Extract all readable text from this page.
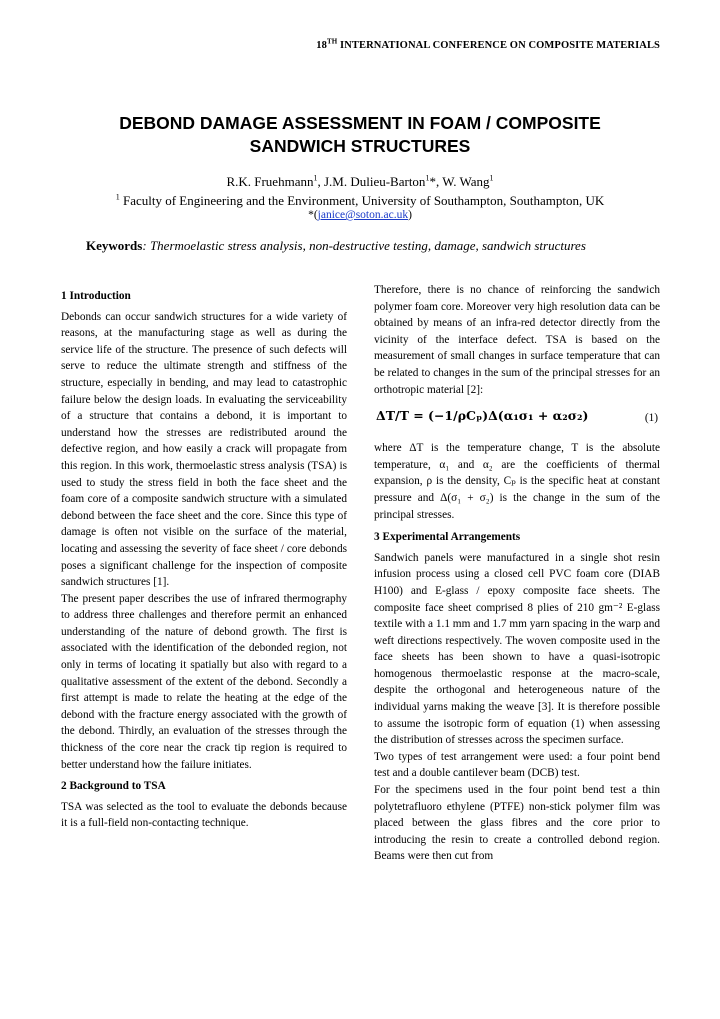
18TH INTERNATIONAL CONFERENCE ON COMPOSITE MATERIALS
DEBOND DAMAGE ASSESSMENT IN FOAM / COMPOSITE
SANDWICH STRUCTURES
R.K. Fruehmann$^1$, J.M. Dulieu-Barton$^1$*, W. Wang$^1$
$^1$ Faculty of Engineering and the Environment, University of Southampton, Southampton, UK
*(janice@soton.ac.uk)
Keywords: Thermoelastic stress analysis, non-destructive testing, damage, sandwich structures
1 Introduction

Debonds can occur sandwich structures for a wide variety of reasons, at the manufacturing stage as well as during the service life of the structure. The presence of such defects will serve to reduce the ultimate strength and stiffness of the structure, especially in bending, and may lead to catastrophic failure below the design loads. In evaluating the serviceability of a structure that contains a debond, it is important to understand how the stresses are redistributed around the defective region, and how easily a crack will propagate from this region. In this work, thermoelastic stress analysis (TSA) is used to study the stress field in both the face sheet and the foam core of a composite sandwich structure with a simulated debond between the face sheet and the core. Since this type of damage is often not visible on the surface of the material, locating and assessing the severity of face sheet / core debonds poses a significant challenge for the inspection of composite sandwich structures [1].

The present paper describes the use of infrared thermography to address three challenges and therefore permit an enhanced understanding of the nature of debond growth. The first is associated with the identification of the debonded region, not only in terms of locating it spatially but also with regard to a qualitative assessment of the extent of the debond. Secondly a first attempt is made to relate the heating at the edge of the debond with the fracture energy associated with the growth of the debond. Thirdly, an evaluation of the stresses through the thickness of the core near the crack tip region is required to better understand how the failure initiates.

2 Background to TSA

TSA was selected as the tool to evaluate the debonds because it is a full-field non-contacting technique.

Therefore, there is no chance of reinforcing the sandwich polymer foam core. Moreover very high resolution data can be obtained by means of an infra-red detector directly from the vicinity of the interface defect. TSA is based on the measurement of small changes in surface temperature that can be related to changes in the sum of the principal stresses for an orthotropic material [2]:

ΔT/T = (−1/ρCₚ)Δ(α₁σ₁ + α₂σ₂)	(1)

where ΔT is the temperature change, T is the absolute temperature, α₁ and α₂ are the coefficients of thermal expansion, ρ is the density, Cₚ is the specific heat at constant pressure and Δ(σ₁ + σ₂) is the change in the sum of the principal stresses.

3 Experimental Arrangements

Sandwich panels were manufactured in a single shot resin infusion process using a closed cell PVC foam core (DIAB H100) and E-glass / epoxy composite face sheets. The composite face sheet comprised 8 plies of 210 gm⁻² E-glass textile with a 1.1 mm and 1.7 mm yarn spacing in the warp and weft directions respectively. The woven composite used in the face sheets has been shown to have a quasi-isotropic homogenous thermoelastic response at the macro-scale, despite the orthogonal and heterogeneous nature of the individual yarns making the weave [3]. It is therefore possible to assume the isotropic form of equation (1) when assessing the distribution of stresses across the specimen surface.

Two types of test arrangement were used: a four point bend test and a double cantilever beam (DCB) test.

For the specimens used in the four point bend test a thin polytetrafluoro ethylene (PTFE) non-stick polymer film was placed between the glass fibres and the core prior to introducing the resin to create a controlled debond region. Beams were then cut from
